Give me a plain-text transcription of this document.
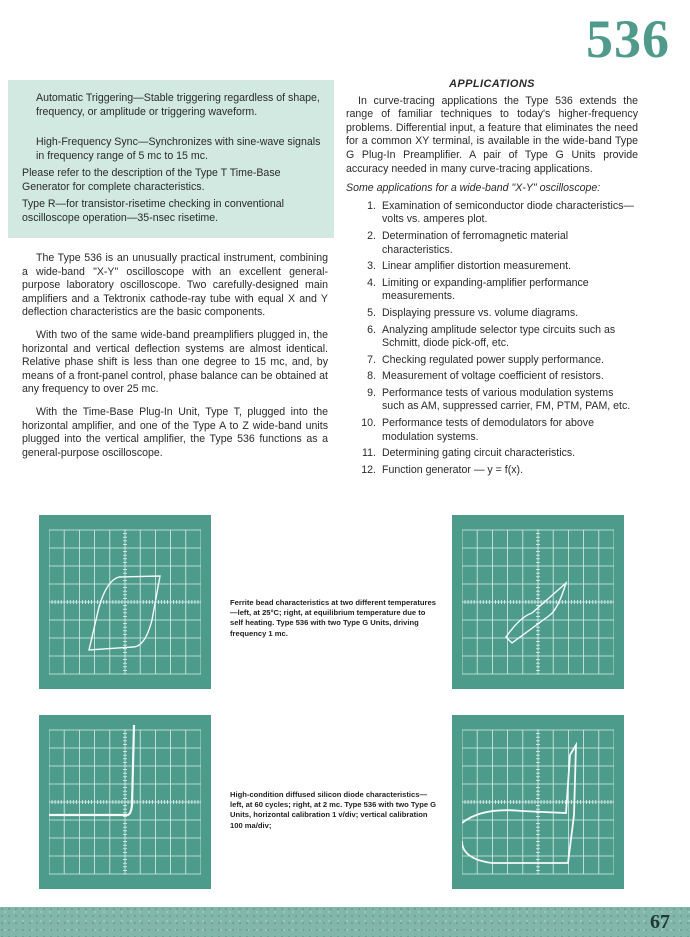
536

Automatic Triggering—Stable triggering regardless of shape, frequency, or amplitude or triggering waveform.

High-Frequency Sync—Synchronizes with sine-wave signals in frequency range of 5 mc to 15 mc.

Please refer to the description of the Type T Time-Base Generator for complete characteristics.

Type R—for transistor-risetime checking in conventional oscilloscope operation—35-nsec risetime.

The Type 536 is an unusually practical instrument, combining a wide-band "X-Y" oscilloscope with an excellent general-purpose laboratory oscilloscope. Two carefully-designed main amplifiers and a Tektronix cathode-ray tube with equal X and Y deflection characteristics are the basic components.

With two of the same wide-band preamplifiers plugged in, the horizontal and vertical deflection systems are almost identical. Relative phase shift is less than one degree to 15 mc, and, by means of a front-panel control, phase balance can be obtained at any frequency to over 25 mc.

With the Time-Base Plug-In Unit, Type T, plugged into the horizontal amplifier, and one of the Type A to Z wide-band units plugged into the vertical amplifier, the Type 536 functions as a general-purpose oscilloscope.

APPLICATIONS

In curve-tracing applications the Type 536 extends the range of familiar techniques to today's higher-frequency problems. Differential input, a feature that eliminates the need for a common XY terminal, is available in the wide-band Type G Plug-In Preamplifier. A pair of Type G Units provide accuracy needed in many curve-tracing applications.

Some applications for a wide-band "X-Y" oscilloscope:

1. Examination of semiconductor diode characteristics—volts vs. amperes plot.
2. Determination of ferromagnetic material characteristics.
3. Linear amplifier distortion measurement.
4. Limiting or expanding-amplifier performance measurements.
5. Displaying pressure vs. volume diagrams.
6. Analyzing amplitude selector type circuits such as Schmitt, diode pick-off, etc.
7. Checking regulated power supply performance.
8. Measurement of voltage coefficient of resistors.
9. Performance tests of various modulation systems such as AM, suppressed carrier, FM, PTM, PAM, etc.
10. Performance tests of demodulators for above modulation systems.
11. Determining gating circuit characteristics.
12. Function generator — y = f(x).
Ferrite bead characteristics at two different temperatures—left, at 25°C; right, at equilibrium temperature due to self heating. Type 536 with two Type G Units, driving frequency 1 mc.
High-condition diffused silicon diode characteristics—left, at 60 cycles; right, at 2 mc. Type 536 with two Type G Units, horizontal calibration 1 v/div; vertical calibration 100 ma/div;
67
